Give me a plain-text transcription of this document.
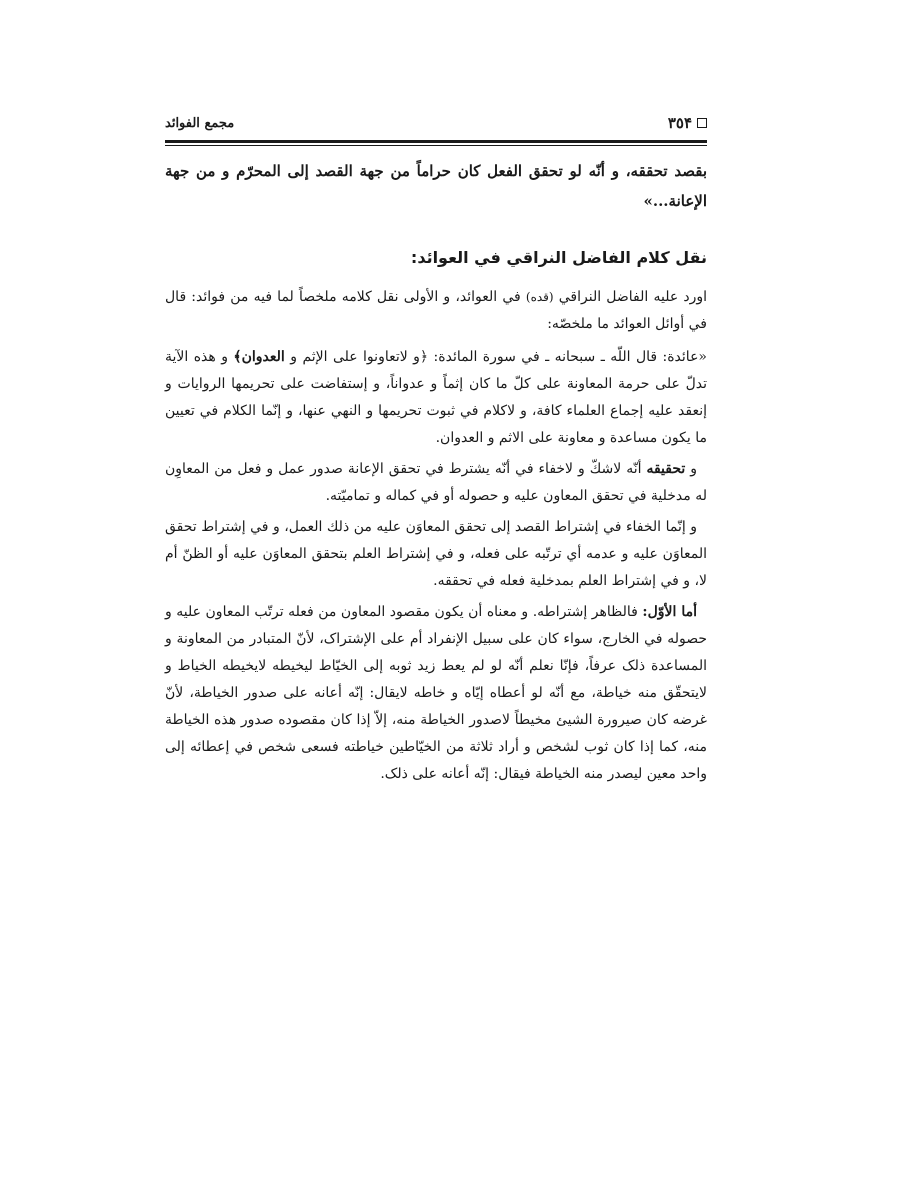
٣٥۴
مجمع الفوائد

بقصد تحققه، و أنّه لو تحقق الفعل كان حراماً من جهة القصد إلى المحرّم و من جهة الإعانة...»

نقل كلام الفاضل النراقي في العوائد:

اورد عليه الفاضل النراقي (قده) في العوائد، و الأولى نقل كلامه ملخصاً لما فيه من فوائد: قال في أوائل العوائد ما ملخصّه:

«عائدة: قال اللّه ـ سبحانه ـ في سورة المائدة: ﴿و لاتعاونوا على الإثم و العدوان﴾ و هذه الآية تدلّ على حرمة المعاونة على كلّ ما كان إثماً و عدواناً، و إستفاضت على تحريمها الروايات و إنعقد عليه إجماع العلماء كافة، و لاكلام في ثبوت تحريمها و النهي عنها، و إنّما الكلام في تعيين ما يكون مساعدة و معاونة على الاثم و العدوان.

و تحقيقه أنّه لاشكّ و لاخفاء في أنّه يشترط في تحقق الإعانة صدور عمل و فعل من المعاوِن له مدخلية في تحقق المعاون عليه و حصوله أو في كماله و تماميّته.

و إنّما الخفاء في إشتراط القصد إلى تحقق المعاوَن عليه من ذلك العمل، و في إشتراط تحقق المعاوَن عليه و عدمه أي ترتّبه على فعله، و في إشتراط العلم بتحقق المعاوَن عليه أو الظنّ أم لا، و في إشتراط العلم بمدخلية فعله في تحققه.

أما الأوّل: فالظاهر إشتراطه. و معناه أن يكون مقصود المعاون من فعله ترتّب المعاون عليه و حصوله في الخارج، سواء كان على سبيل الإنفراد أم على الإشتراک، لأنّ المتبادر من المعاونة و المساعدة ذلک عرفاً، فإنّا نعلم أنّه لو لم يعط زيد ثوبه إلى الخيّاط ليخيطه لايخيطه الخياط و لايتحقّق منه خياطة، مع أنّه لو أعطاه إيّاه و خاطه لايقال: إنّه أعانه على صدور الخياطة، لأنّ غرضه كان صيرورة الشيئ مخيطاً لاصدور الخياطة منه، إلاّ إذا كان مقصوده صدور هذه الخياطة منه، كما إذا كان ثوب لشخص و أراد ثلاثة من الخيّاطين خياطته فسعى شخص في إعطائه إلى واحد معين ليصدر منه الخياطة فيقال: إنّه أعانه على ذلک.
